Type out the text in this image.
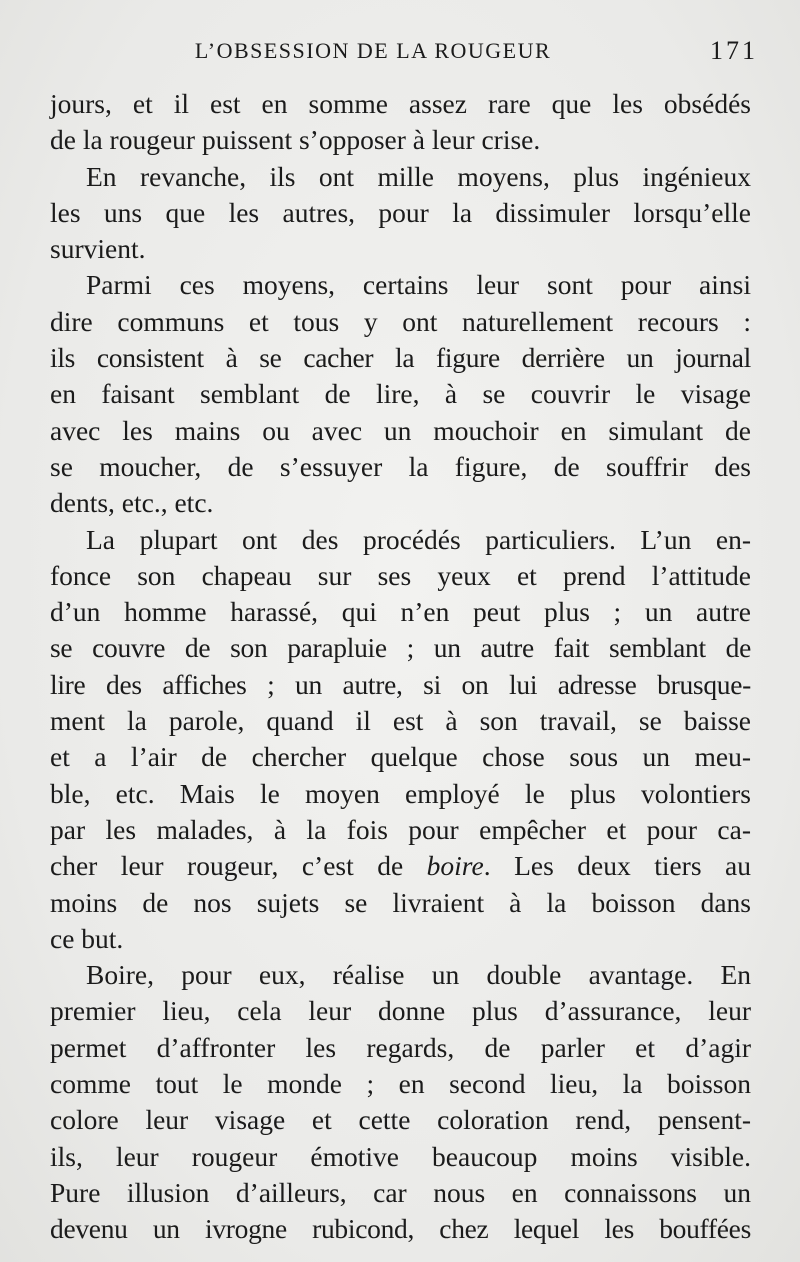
L’OBSESSION DE LA ROUGEUR	171
jours, et il est en somme assez rare que les obsédés
de la rougeur puissent s’opposer à leur crise.
En revanche, ils ont mille moyens, plus ingénieux
les uns que les autres, pour la dissimuler lorsqu’elle
survient.
Parmi ces moyens, certains leur sont pour ainsi
dire communs et tous y ont naturellement recours :
ils consistent à se cacher la figure derrière un journal
en faisant semblant de lire, à se couvrir le visage
avec les mains ou avec un mouchoir en simulant de
se moucher, de s’essuyer la figure, de souffrir des
dents, etc., etc.
La plupart ont des procédés particuliers. L’un en-
fonce son chapeau sur ses yeux et prend l’attitude
d’un homme harassé, qui n’en peut plus ; un autre
se couvre de son parapluie ; un autre fait semblant de
lire des affiches ; un autre, si on lui adresse brusque-
ment la parole, quand il est à son travail, se baisse
et a l’air de chercher quelque chose sous un meu-
ble, etc. Mais le moyen employé le plus volontiers
par les malades, à la fois pour empêcher et pour ca-
cher leur rougeur, c’est de boire. Les deux tiers au
moins de nos sujets se livraient à la boisson dans
ce but.
Boire, pour eux, réalise un double avantage. En
premier lieu, cela leur donne plus d’assurance, leur
permet d’affronter les regards, de parler et d’agir
comme tout le monde ; en second lieu, la boisson
colore leur visage et cette coloration rend, pensent-
ils, leur rougeur émotive beaucoup moins visible.
Pure illusion d’ailleurs, car nous en connaissons un
devenu un ivrogne rubicond, chez lequel les bouffées
